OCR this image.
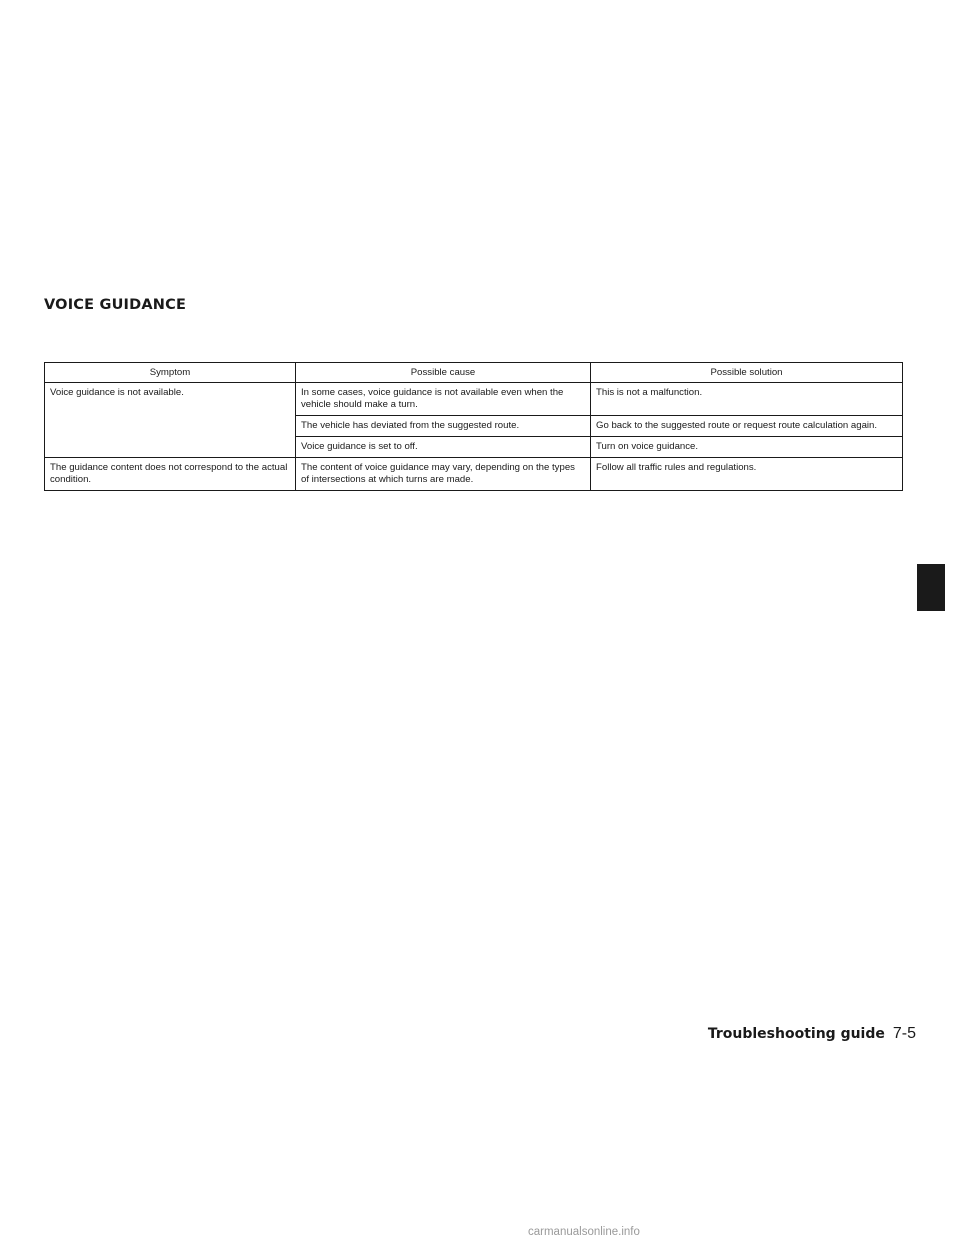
VOICE GUIDANCE
Symptom	Possible cause	Possible solution
Voice guidance is not available.	In some cases, voice guidance is not available even when the vehicle should make a turn.	This is not a malfunction.
	The vehicle has deviated from the suggested route.	Go back to the suggested route or request route calculation again.
	Voice guidance is set to off.	Turn on voice guidance.
The guidance content does not correspond to the actual condition.	The content of voice guidance may vary, depending on the types of intersections at which turns are made.	Follow all traffic rules and regulations.
Troubleshooting guide 7-5
carmanualsonline.info
